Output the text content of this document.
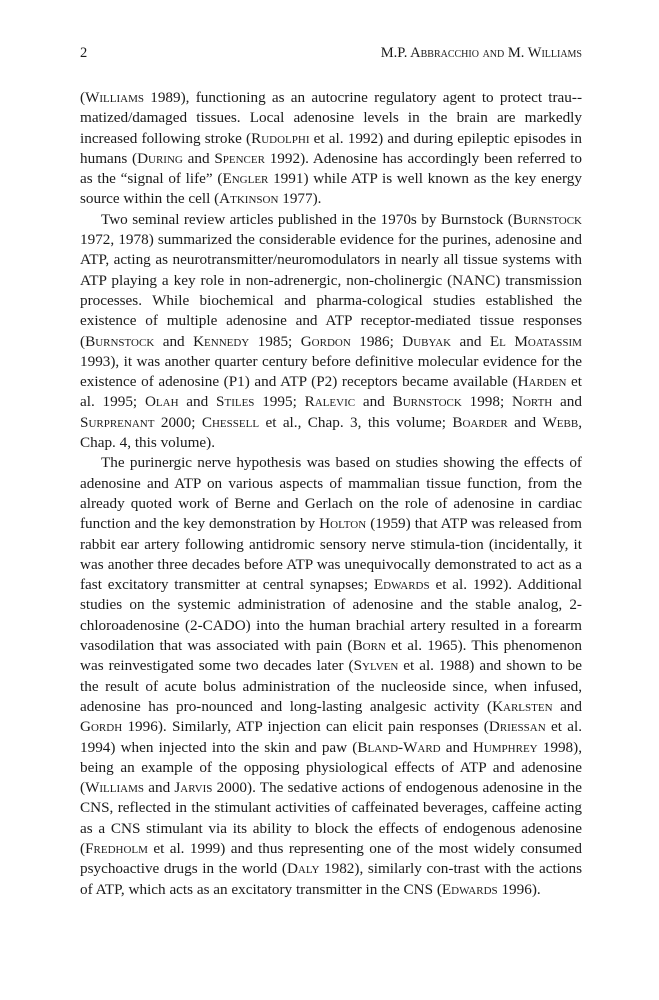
2	M.P. Abbracchio and M. Williams

(Williams 1989), functioning as an autocrine regulatory agent to protect trau-matized/damaged tissues. Local adenosine levels in the brain are markedly increased following stroke (Rudolphi et al. 1992) and during epileptic episodes in humans (During and Spencer 1992). Adenosine has accordingly been referred to as the “signal of life” (Engler 1991) while ATP is well known as the key energy source within the cell (Atkinson 1977).

Two seminal review articles published in the 1970s by Burnstock (Burnstock 1972, 1978) summarized the considerable evidence for the purines, adenosine and ATP, acting as neurotransmitter/neuromodulators in nearly all tissue systems with ATP playing a key role in non-adrenergic, non-cholinergic (NANC) transmission processes. While biochemical and pharma-cological studies established the existence of multiple adenosine and ATP receptor-mediated tissue responses (Burnstock and Kennedy 1985; Gordon 1986; Dubyak and El Moatassim 1993), it was another quarter century before definitive molecular evidence for the existence of adenosine (P1) and ATP (P2) receptors became available (Harden et al. 1995; Olah and Stiles 1995; Ralevic and Burnstock 1998; North and Surprenant 2000; Chessell et al., Chap. 3, this volume; Boarder and Webb, Chap. 4, this volume).

The purinergic nerve hypothesis was based on studies showing the effects of adenosine and ATP on various aspects of mammalian tissue function, from the already quoted work of Berne and Gerlach on the role of adenosine in cardiac function and the key demonstration by Holton (1959) that ATP was released from rabbit ear artery following antidromic sensory nerve stimula-tion (incidentally, it was another three decades before ATP was unequivocally demonstrated to act as a fast excitatory transmitter at central synapses; Edwards et al. 1992). Additional studies on the systemic administration of adenosine and the stable analog, 2-chloroadenosine (2-CADO) into the human brachial artery resulted in a forearm vasodilation that was associated with pain (Born et al. 1965). This phenomenon was reinvestigated some two decades later (Sylven et al. 1988) and shown to be the result of acute bolus administration of the nucleoside since, when infused, adenosine has pro-nounced and long-lasting analgesic activity (Karlsten and Gordh 1996). Similarly, ATP injection can elicit pain responses (Driessan et al. 1994) when injected into the skin and paw (Bland-Ward and Humphrey 1998), being an example of the opposing physiological effects of ATP and adenosine (Williams and Jarvis 2000). The sedative actions of endogenous adenosine in the CNS, reflected in the stimulant activities of caffeinated beverages, caffeine acting as a CNS stimulant via its ability to block the effects of endogenous adenosine (Fredholm et al. 1999) and thus representing one of the most widely consumed psychoactive drugs in the world (Daly 1982), similarly con-trast with the actions of ATP, which acts as an excitatory transmitter in the CNS (Edwards 1996).
